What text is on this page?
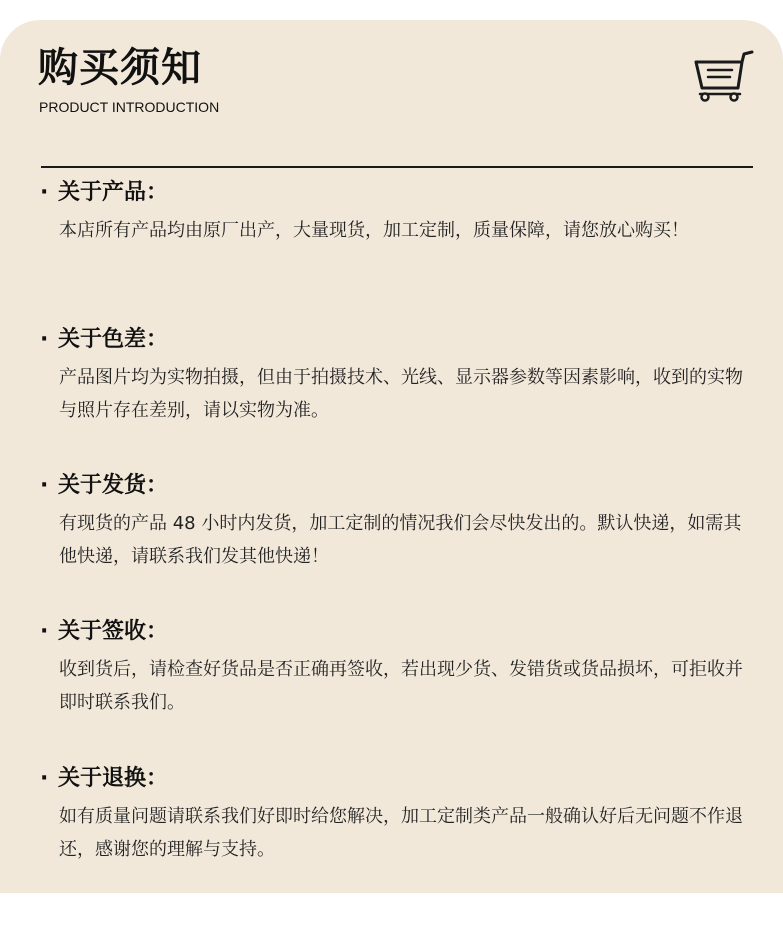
购买须知
PRODUCT INTRODUCTION
· 关于产品：
本店所有产品均由原厂出产，大量现货，加工定制，质量保障，请您放心购买！
· 关于色差：
产品图片均为实物拍摄，但由于拍摄技术、光线、显示器参数等因素影响，收到的实物与照片存在差别，请以实物为准。
· 关于发货：
有现货的产品 48 小时内发货，加工定制的情况我们会尽快发出的。默认快递，如需其他快递，请联系我们发其他快递！
· 关于签收：
收到货后，请检查好货品是否正确再签收，若出现少货、发错货或货品损坏，可拒收并即时联系我们。
· 关于退换：
如有质量问题请联系我们好即时给您解决，加工定制类产品一般确认好后无问题不作退还，感谢您的理解与支持。
